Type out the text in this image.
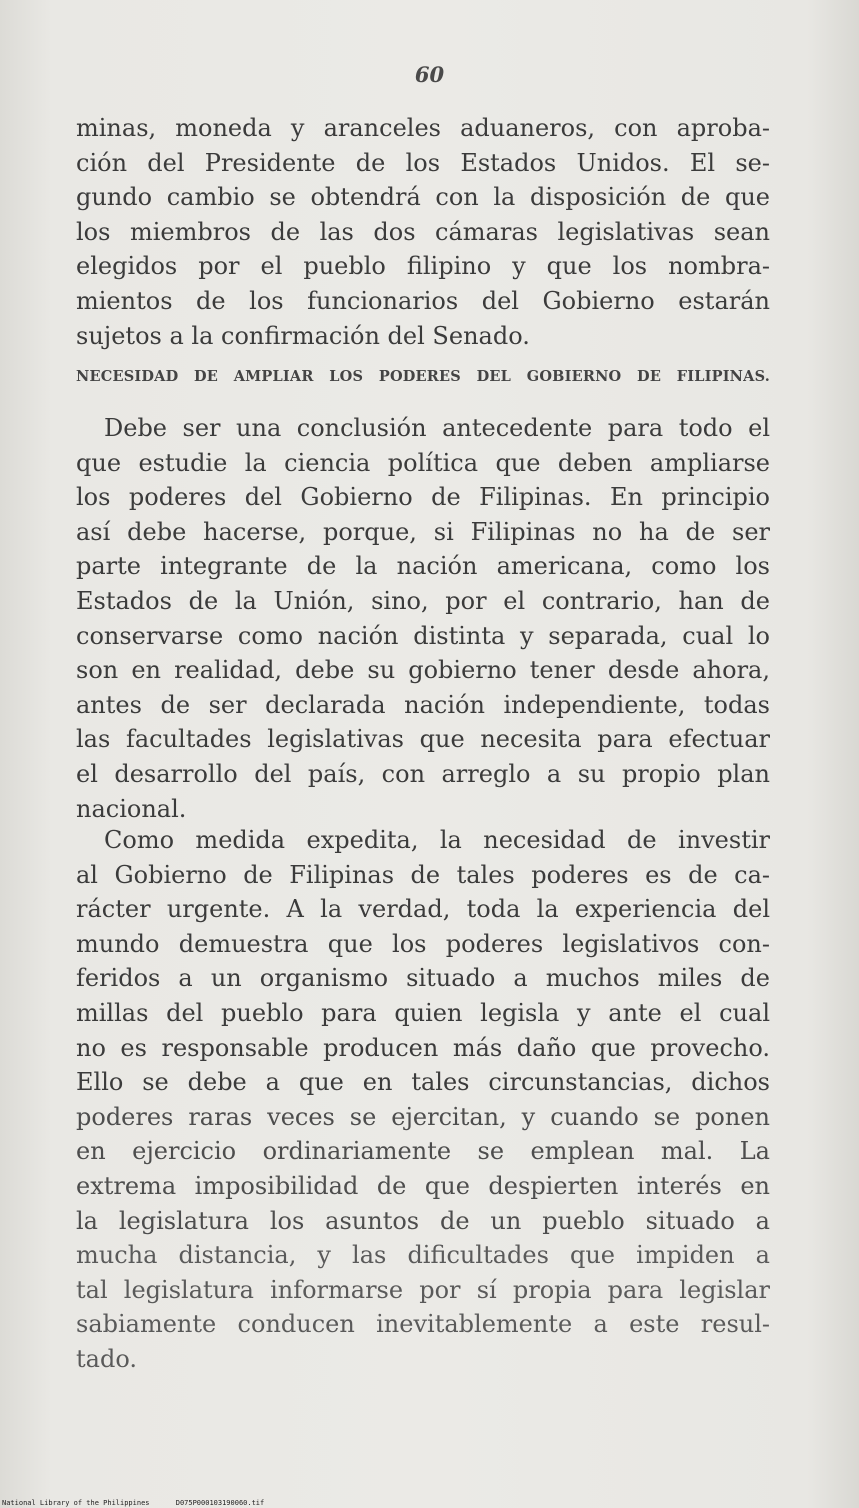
60
minas, moneda y aranceles aduaneros, con aproba-
ción del Presidente de los Estados Unidos. El se-
gundo cambio se obtendrá con la disposición de que
los miembros de las dos cámaras legislativas sean
elegidos por el pueblo filipino y que los nombra-
mientos de los funcionarios del Gobierno estarán
sujetos a la confirmación del Senado.
NECESIDAD DE AMPLIAR LOS PODERES DEL GOBIERNO DE FILIPINAS.
Debe ser una conclusión antecedente para todo el
que estudie la ciencia política que deben ampliarse
los poderes del Gobierno de Filipinas. En principio
así debe hacerse, porque, si Filipinas no ha de ser
parte integrante de la nación americana, como los
Estados de la Unión, sino, por el contrario, han de
conservarse como nación distinta y separada, cual lo
son en realidad, debe su gobierno tener desde ahora,
antes de ser declarada nación independiente, todas
las facultades legislativas que necesita para efectuar
el desarrollo del país, con arreglo a su propio plan
nacional.
Como medida expedita, la necesidad de investir
al Gobierno de Filipinas de tales poderes es de ca-
rácter urgente. A la verdad, toda la experiencia del
mundo demuestra que los poderes legislativos con-
feridos a un organismo situado a muchos miles de
millas del pueblo para quien legisla y ante el cual
no es responsable producen más daño que provecho.
Ello se debe a que en tales circunstancias, dichos
poderes raras veces se ejercitan, y cuando se ponen
en ejercicio ordinariamente se emplean mal. La
extrema imposibilidad de que despierten interés en
la legislatura los asuntos de un pueblo situado a
mucha distancia, y las dificultades que impiden a
tal legislatura informarse por sí propia para legislar
sabiamente conducen inevitablemente a este resul-
tado.
National Library of the Philippines	D075P000103190060.tif
